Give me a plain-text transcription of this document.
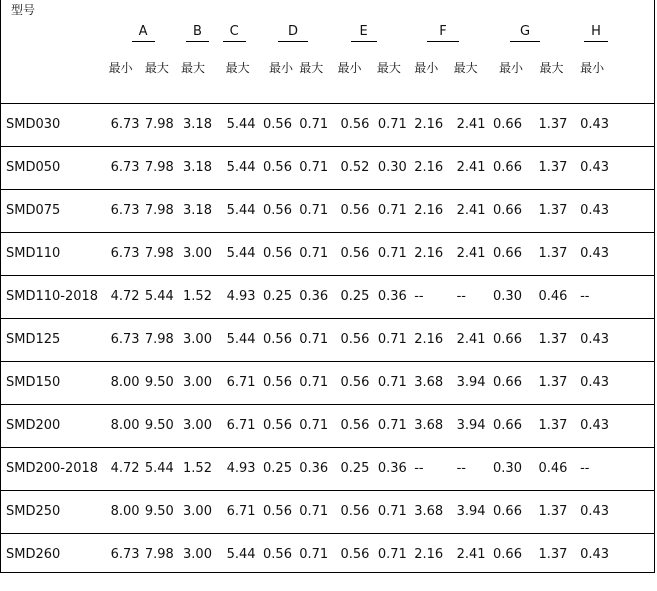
型号	A		B	C	D		E		F		G		H
	最小	最大	最大	最大	最小	最大	最小	最大	最小	最大	最小	最大	最小
SMD030	6.73	7.98	3.18	5.44	0.56	0.71	0.56	0.71	2.16	2.41	0.66	1.37	0.43
SMD050	6.73	7.98	3.18	5.44	0.56	0.71	0.52	0.30	2.16	2.41	0.66	1.37	0.43
SMD075	6.73	7.98	3.18	5.44	0.56	0.71	0.56	0.71	2.16	2.41	0.66	1.37	0.43
SMD110	6.73	7.98	3.00	5.44	0.56	0.71	0.56	0.71	2.16	2.41	0.66	1.37	0.43
SMD110-2018	4.72	5.44	1.52	4.93	0.25	0.36	0.25	0.36	--	--	0.30	0.46	--
SMD125	6.73	7.98	3.00	5.44	0.56	0.71	0.56	0.71	2.16	2.41	0.66	1.37	0.43
SMD150	8.00	9.50	3.00	6.71	0.56	0.71	0.56	0.71	3.68	3.94	0.66	1.37	0.43
SMD200	8.00	9.50	3.00	6.71	0.56	0.71	0.56	0.71	3.68	3.94	0.66	1.37	0.43
SMD200-2018	4.72	5.44	1.52	4.93	0.25	0.36	0.25	0.36	--	--	0.30	0.46	--
SMD250	8.00	9.50	3.00	6.71	0.56	0.71	0.56	0.71	3.68	3.94	0.66	1.37	0.43
SMD260	6.73	7.98	3.00	5.44	0.56	0.71	0.56	0.71	2.16	2.41	0.66	1.37	0.43
